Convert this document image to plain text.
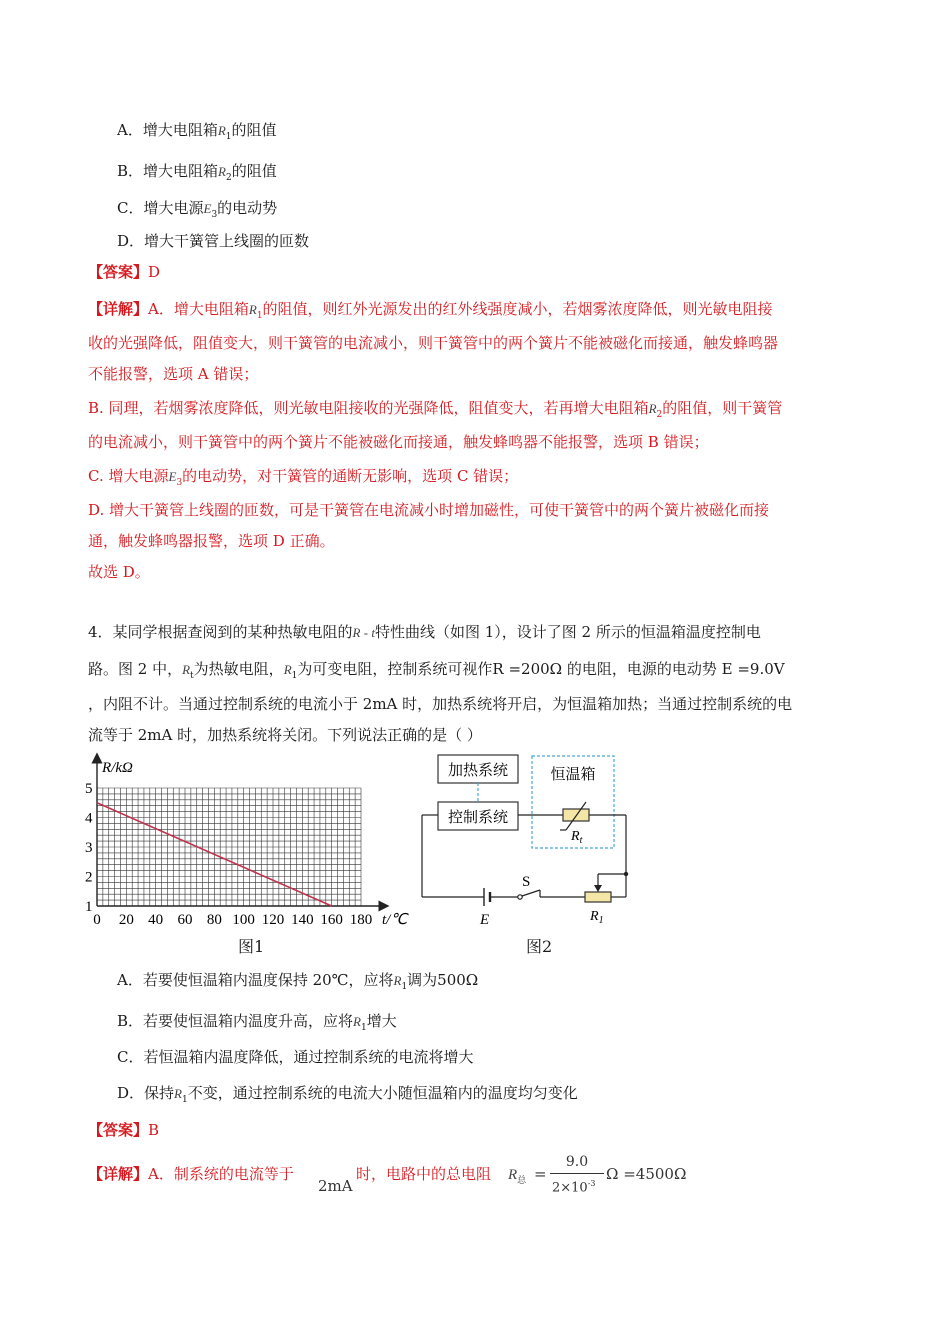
A．增大电阻箱$R_1$的阻值
B．增大电阻箱$R_2$的阻值
C．增大电源$E_3$的电动势
D．增大干簧管上线圈的匝数
【答案】D
【详解】A．增大电阻箱$R_1$的阻值，则红外光源发出的红外线强度减小，若烟雾浓度降低，则光敏电阻接
收的光强降低，阻值变大，则干簧管的电流减小，则干簧管中的两个簧片不能被磁化而接通，触发蜂鸣器
不能报警，选项 A 错误；
B. 同理，若烟雾浓度降低，则光敏电阻接收的光强降低，阻值变大，若再增大电阻箱$R_2$的阻值，则干簧管
的电流减小，则干簧管中的两个簧片不能被磁化而接通，触发蜂鸣器不能报警，选项 B 错误；
C. 增大电源$E_3$的电动势，对干簧管的通断无影响，选项 C 错误；
D. 增大干簧管上线圈的匝数，可是干簧管在电流减小时增加磁性，可使干簧管中的两个簧片被磁化而接
通，触发蜂鸣器报警，选项 D 正确。
故选 D。
4．某同学根据查阅到的某种热敏电阻的R - t特性曲线（如图 1），设计了图 2 所示的恒温箱温度控制电
路。图 2 中，$R_t$为热敏电阻，$R_1$为可变电阻，控制系统可视作R =200Ω 的电阻，电源的电动势 E =9.0V
，内阻不计。当通过控制系统的电流小于 2mA 时，加热系统将开启，为恒温箱加热；当通过控制系统的电
流等于 2mA 时，加热系统将关闭。下列说法正确的是（ ）
1
2
3
4
5
0 20 40 60 80 100 120 140 160 180
R/kΩ
t/℃
图1
加热系统
控制系统
恒温箱
$R_t$
E
S
$R_1$
图2
A．若要使恒温箱内温度保持 20℃，应将$R_1$调为500Ω
B．若要使恒温箱内温度升高，应将$R_1$增大
C．若恒温箱内温度降低，通过控制系统的电流将增大
D．保持$R_1$不变，通过控制系统的电流大小随恒温箱内的温度均匀变化
【答案】B
【详解】A．制系统的电流等于
2mA
时，电路中的总电阻 $R_总$ =
9.0
$2\times 10^{-3}$
Ω =4500Ω
